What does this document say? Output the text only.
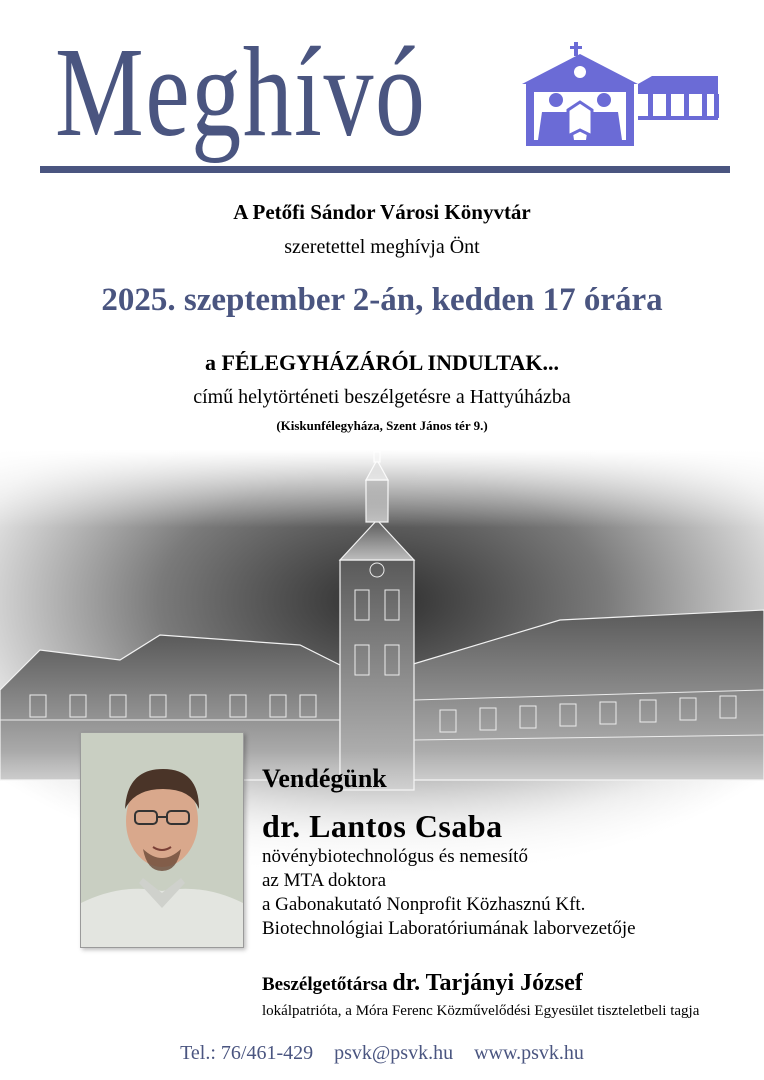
Meghívó
A Petőfi Sándor Városi Könyvtár
szeretettel meghívja Önt
2025. szeptember 2-án, kedden 17 órára
a FÉLEGYHÁZÁRÓL INDULTAK...
című helytörténeti beszélgetésre a Hattyúházba
(Kiskunfélegyháza, Szent János tér 9.)
Vendégünk
dr. Lantos Csaba
növénybiotechnológus és nemesítő
az MTA doktora
a Gabonakutató Nonprofit Közhasznú Kft.
Biotechnológiai Laboratóriumának laborvezetője
Beszélgetőtársa dr. Tarjányi József
lokálpatrióta, a Móra Ferenc Közművelődési Egyesület tiszteletbeli tagja
Tel.: 76/461-429 psvk@psvk.hu www.psvk.hu
